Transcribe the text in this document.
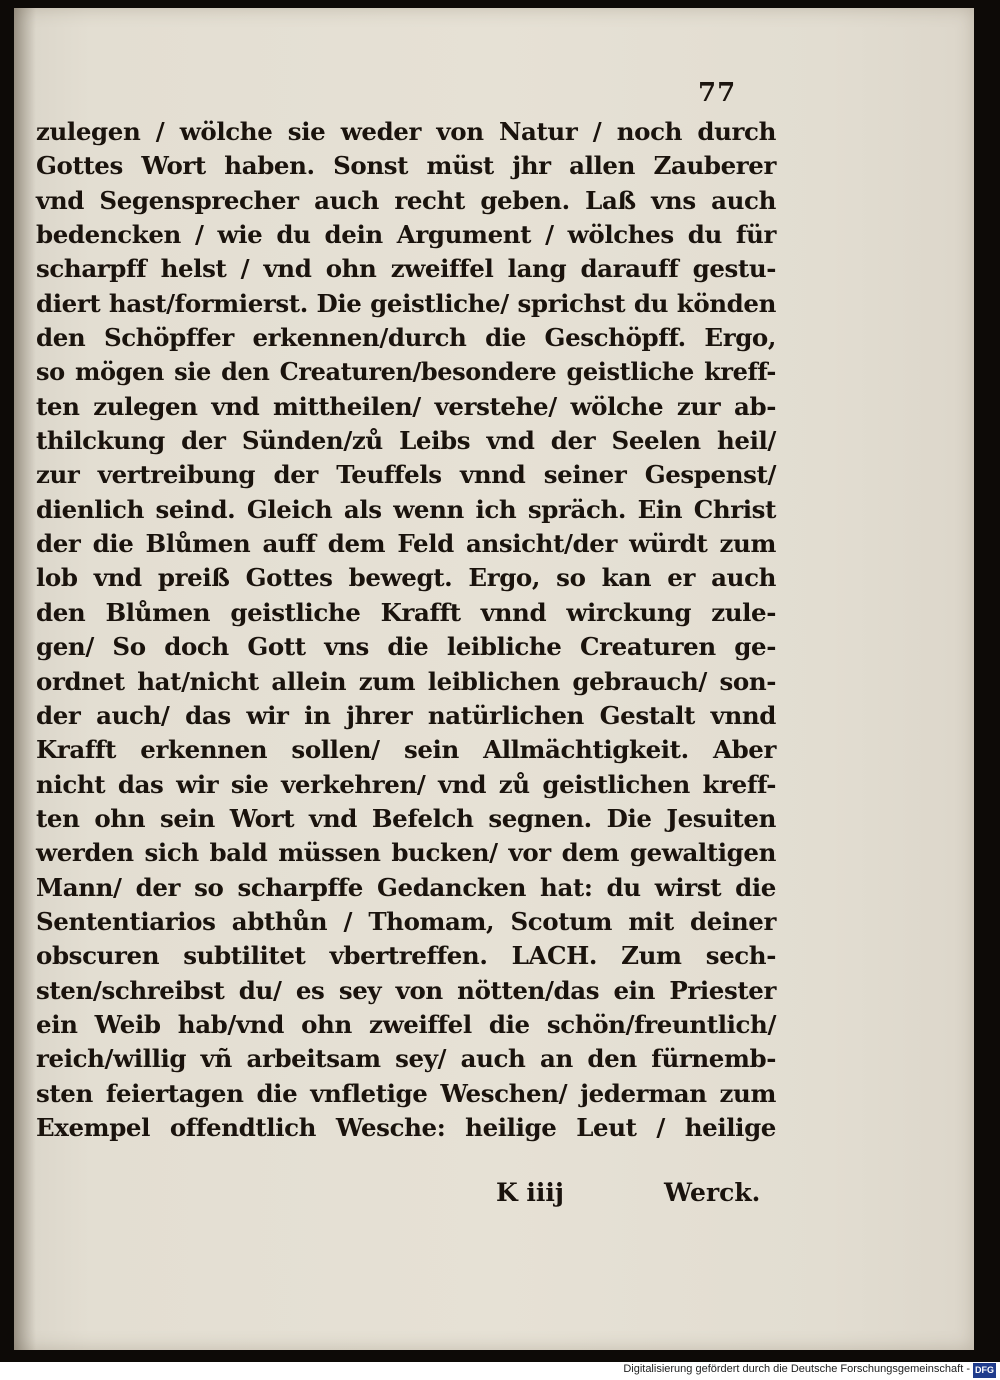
77
zulegen / wölche sie weder von Natur / noch durch
Gottes Wort haben. Sonst müst jhr allen Zauberer
vnd Segensprecher auch recht geben. Laß vns auch
bedencken / wie du dein Argument / wölches du für
scharpff helst / vnd ohn zweiffel lang darauff gestu-
diert hast/formierst. Die geistliche/ sprichst du könden
den Schöpffer erkennen/durch die Geschöpff. Ergo,
so mögen sie den Creaturen/besondere geistliche kreff-
ten zulegen vnd mittheilen/ verstehe/ wölche zur ab-
thilckung der Sünden/zů Leibs vnd der Seelen heil/
zur vertreibung der Teuffels vnnd seiner Gespenst/
dienlich seind. Gleich als wenn ich spräch. Ein Christ
der die Blůmen auff dem Feld ansicht/der würdt zum
lob vnd preiß Gottes bewegt. Ergo, so kan er auch
den Blůmen geistliche Krafft vnnd wirckung zule-
gen/ So doch Gott vns die leibliche Creaturen ge-
ordnet hat/nicht allein zum leiblichen gebrauch/ son-
der auch/ das wir in jhrer natürlichen Gestalt vnnd
Krafft erkennen sollen/ sein Allmächtigkeit. Aber
nicht das wir sie verkehren/ vnd zů geistlichen kreff-
ten ohn sein Wort vnd Befelch segnen. Die Jesuiten
werden sich bald müssen bucken/ vor dem gewaltigen
Mann/ der so scharpffe Gedancken hat: du wirst die
Sententiarios abthůn / Thomam, Scotum mit deiner
obscuren subtilitet vbertreffen. LACH. Zum sech-
sten/schreibst du/ es sey von nötten/das ein Priester
ein Weib hab/vnd ohn zweiffel die schön/freuntlich/
reich/willig vñ arbeitsam sey/ auch an den fürnemb-
sten feiertagen die vnfletige Weschen/ jederman zum
Exempel offendtlich Wesche: heilige Leut / heilige
K iiij	Werck.
Digitalisierung gefördert durch die Deutsche Forschungsgemeinschaft - DFG
